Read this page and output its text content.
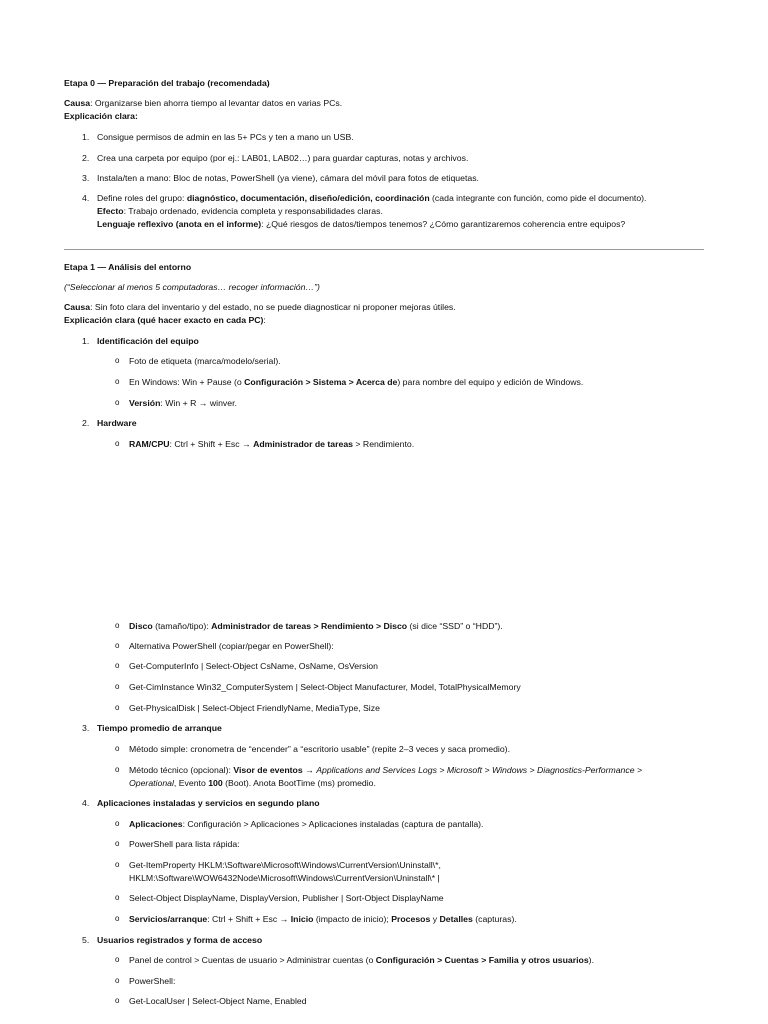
Etapa 0 — Preparación del trabajo (recomendada)
Causa: Organizarse bien ahorra tiempo al levantar datos en varias PCs.
Explicación clara:
1. Consigue permisos de admin en las 5+ PCs y ten a mano un USB.
2. Crea una carpeta por equipo (por ej.: LAB01, LAB02…) para guardar capturas, notas y archivos.
3. Instala/ten a mano: Bloc de notas, PowerShell (ya viene), cámara del móvil para fotos de etiquetas.
4. Define roles del grupo: diagnóstico, documentación, diseño/edición, coordinación (cada integrante con función, como pide el documento).
Efecto: Trabajo ordenado, evidencia completa y responsabilidades claras.
Lenguaje reflexivo (anota en el informe): ¿Qué riesgos de datos/tiempos tenemos? ¿Cómo garantizaremos coherencia entre equipos?
Etapa 1 — Análisis del entorno
(“Seleccionar al menos 5 computadoras… recoger información…”)
Causa: Sin foto clara del inventario y del estado, no se puede diagnosticar ni proponer mejoras útiles.
Explicación clara (qué hacer exacto en cada PC):
1. Identificación del equipo
o Foto de etiqueta (marca/modelo/serial).
o En Windows: Win + Pause (o Configuración > Sistema > Acerca de) para nombre del equipo y edición de Windows.
o Versión: Win + R → winver.
2. Hardware
o RAM/CPU: Ctrl + Shift + Esc → Administrador de tareas > Rendimiento.
o Disco (tamaño/tipo): Administrador de tareas > Rendimiento > Disco (si dice “SSD” o “HDD”).
o Alternativa PowerShell (copiar/pegar en PowerShell):
o Get-ComputerInfo | Select-Object CsName, OsName, OsVersion
o Get-CimInstance Win32_ComputerSystem | Select-Object Manufacturer, Model, TotalPhysicalMemory
o Get-PhysicalDisk | Select-Object FriendlyName, MediaType, Size
3. Tiempo promedio de arranque
o Método simple: cronometra de “encender” a “escritorio usable” (repite 2–3 veces y saca promedio).
o Método técnico (opcional): Visor de eventos → Applications and Services Logs > Microsoft > Windows > Diagnostics-Performance >
Operational, Evento 100 (Boot). Anota BootTime (ms) promedio.
4. Aplicaciones instaladas y servicios en segundo plano
o Aplicaciones: Configuración > Aplicaciones > Aplicaciones instaladas (captura de pantalla).
o PowerShell para lista rápida:
o Get-ItemProperty HKLM:\Software\Microsoft\Windows\CurrentVersion\Uninstall\*,
HKLM:\Software\WOW6432Node\Microsoft\Windows\CurrentVersion\Uninstall\* |
o Select-Object DisplayName, DisplayVersion, Publisher | Sort-Object DisplayName
o Servicios/arranque: Ctrl + Shift + Esc → Inicio (impacto de inicio); Procesos y Detalles (capturas).
5. Usuarios registrados y forma de acceso
o Panel de control > Cuentas de usuario > Administrar cuentas (o Configuración > Cuentas > Familia y otros usuarios).
o PowerShell:
o Get-LocalUser | Select-Object Name, Enabled
